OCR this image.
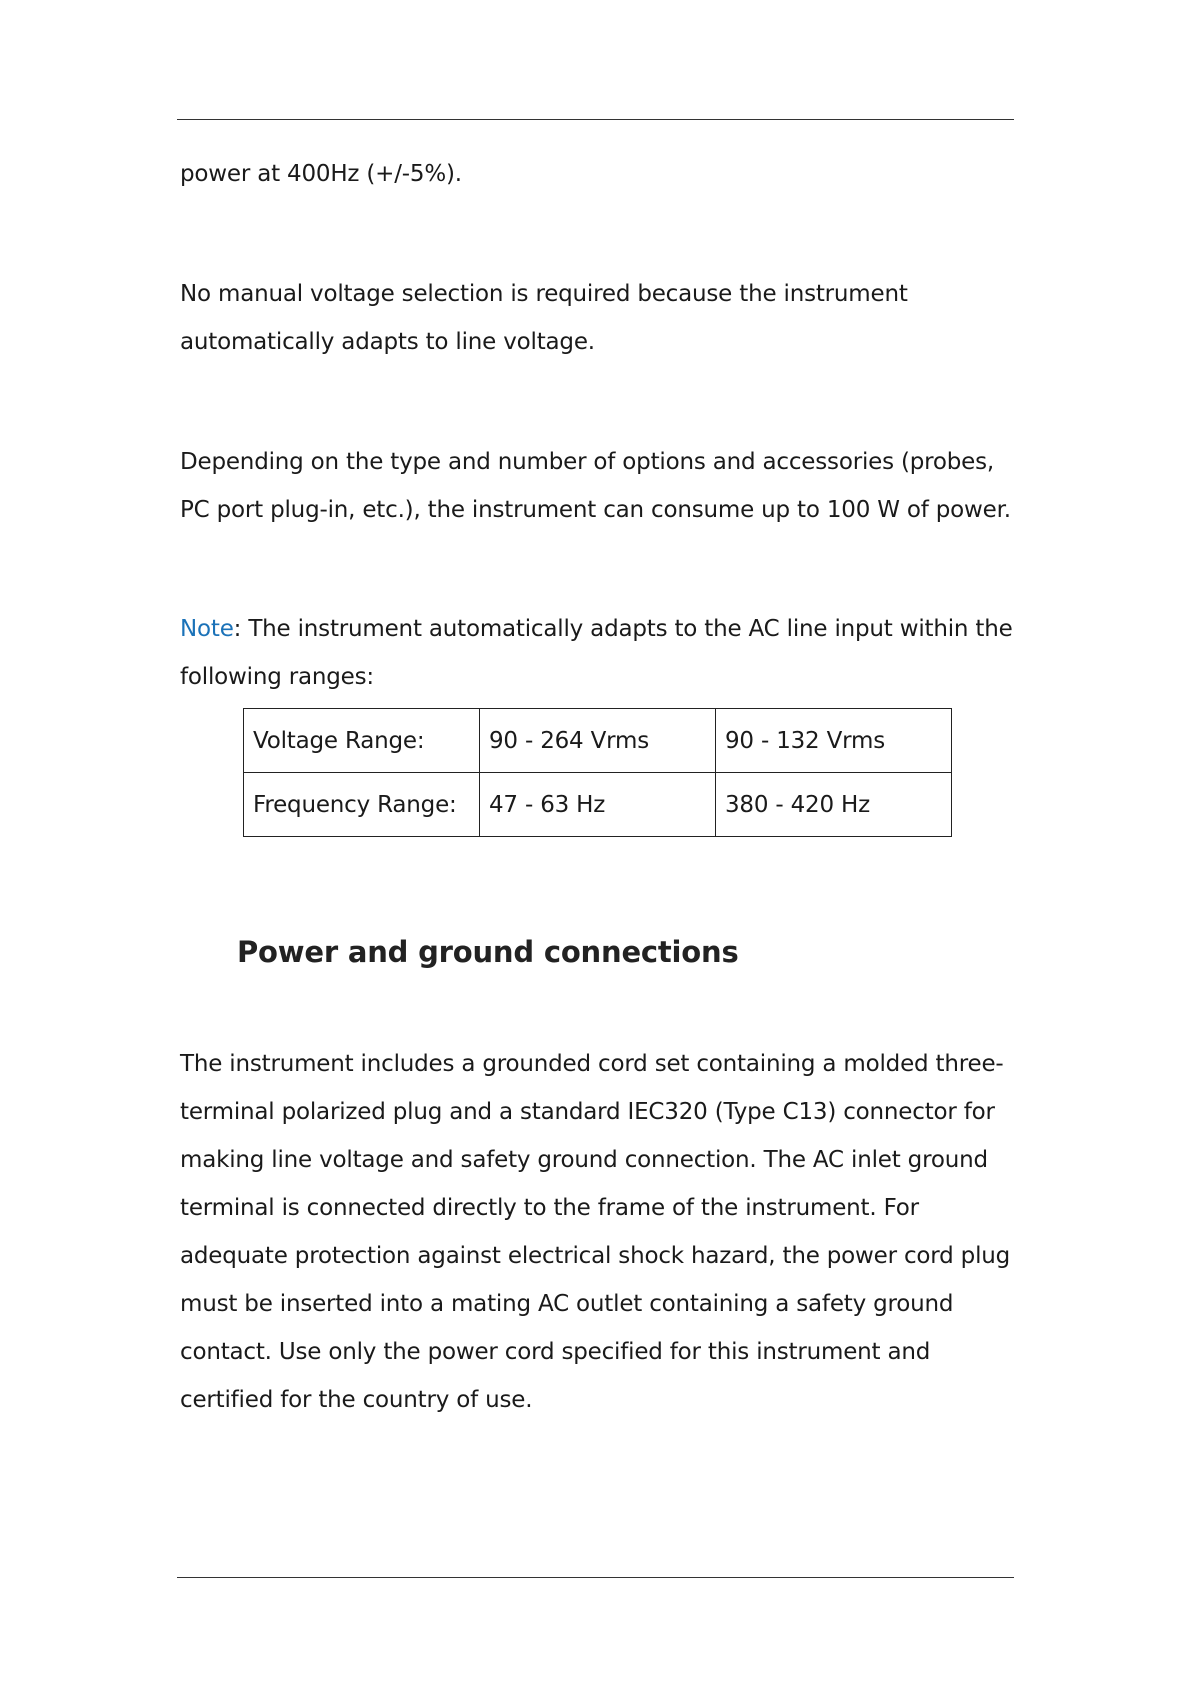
power at 400Hz (+/-5%).

No manual voltage selection is required because the instrument
automatically adapts to line voltage.

Depending on the type and number of options and accessories (probes,
PC port plug-in, etc.), the instrument can consume up to 100 W of power.

Note: The instrument automatically adapts to the AC line input within the
following ranges:

Voltage Range:	90 - 264 Vrms	90 - 132 Vrms
Frequency Range:	47 - 63 Hz	380 - 420 Hz
Power and ground connections

The instrument includes a grounded cord set containing a molded three-
terminal polarized plug and a standard IEC320 (Type C13) connector for
making line voltage and safety ground connection. The AC inlet ground
terminal is connected directly to the frame of the instrument. For
adequate protection against electrical shock hazard, the power cord plug
must be inserted into a mating AC outlet containing a safety ground
contact. Use only the power cord specified for this instrument and
certified for the country of use.
